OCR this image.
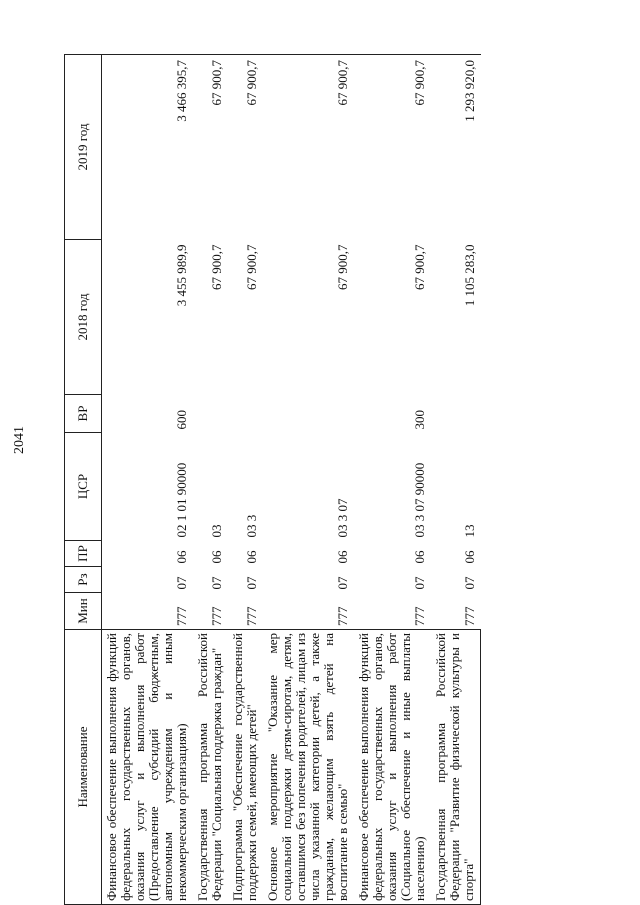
2041
Наименование	Мин	Рз	ПР	ЦСР	ВР	2018 год	2019 год
Финансовое обеспечение выполнения функций федеральных государственных органов, оказания услуг и выполнения работ (Предоставление субсидий бюджетным, автономным учреждениям и иным некоммерческим организациям)	777	07	06	02 1 01 90000	600	3 455 989,9	3 466 395,7
Государственная программа Российской Федерации "Социальная поддержка граждан"	777	07	06	03		67 900,7	67 900,7
Подпрограмма "Обеспечение государственной поддержки семей, имеющих детей"	777	07	06	03 3		67 900,7	67 900,7
Основное мероприятие "Оказание мер социальной поддержки детям-сиротам, детям, оставшимся без попечения родителей, лицам из числа указанной категории детей, а также гражданам, желающим взять детей на воспитание в семью"	777	07	06	03 3 07		67 900,7	67 900,7
Финансовое обеспечение выполнения функций федеральных государственных органов, оказания услуг и выполнения работ (Социальное обеспечение и иные выплаты населению)	777	07	06	03 3 07 90000	300	67 900,7	67 900,7
Государственная программа Российской Федерации "Развитие физической культуры и спорта"	777	07	06	13		1 105 283,0	1 293 920,0
